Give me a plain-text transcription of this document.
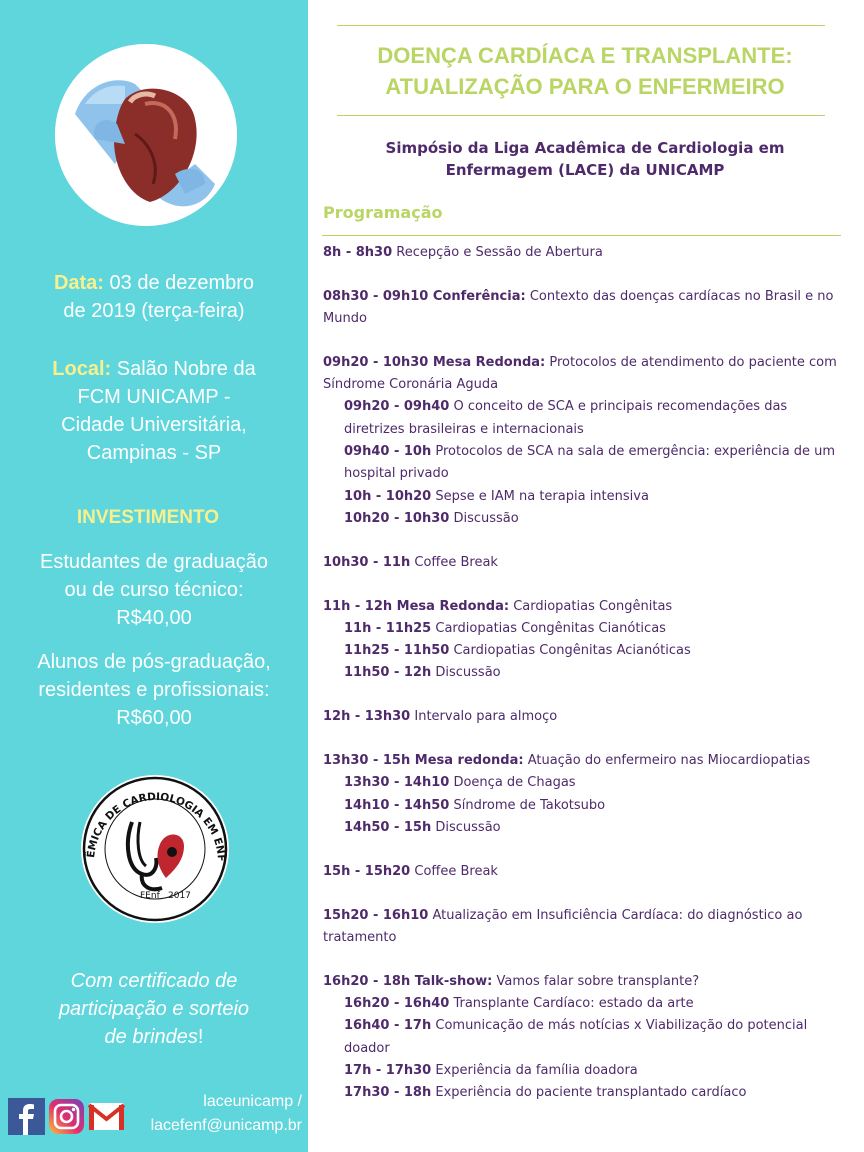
Data: 03 de dezembro
de 2019 (terça-feira)
Local: Salão Nobre da
FCM UNICAMP -
Cidade Universitária,
Campinas - SP
INVESTIMENTO
Estudantes de graduação
ou de curso técnico:
R$40,00
Alunos de pós-graduação,
residentes e profissionais:
R$60,00
ÊMICA DE CARDIOLOGIA EM ENF
FEnf 2017
Com certificado de
participação e sorteio
de brindes!
laceunicamp /
lacefenf@unicamp.br
DOENÇA CARDÍACA E TRANSPLANTE:
ATUALIZAÇÃO PARA O ENFERMEIRO
Simpósio da Liga Acadêmica de Cardiologia em
Enfermagem (LACE) da UNICAMP
Programação
8h - 8h30 Recepção e Sessão de Abertura
08h30 - 09h10 Conferência: Contexto das doenças cardíacas no Brasil e no Mundo
09h20 - 10h30 Mesa Redonda: Protocolos de atendimento do paciente com Síndrome Coronária Aguda
09h20 - 09h40 O conceito de SCA e principais recomendações das diretrizes brasileiras e internacionais
09h40 - 10h Protocolos de SCA na sala de emergência: experiência de um hospital privado
10h - 10h20 Sepse e IAM na terapia intensiva
10h20 - 10h30 Discussão
10h30 - 11h Coffee Break
11h - 12h Mesa Redonda: Cardiopatias Congênitas
11h - 11h25 Cardiopatias Congênitas Cianóticas
11h25 - 11h50 Cardiopatias Congênitas Acianóticas
11h50 - 12h Discussão
12h - 13h30 Intervalo para almoço
13h30 - 15h Mesa redonda: Atuação do enfermeiro nas Miocardiopatias
13h30 - 14h10 Doença de Chagas
14h10 - 14h50 Síndrome de Takotsubo
14h50 - 15h Discussão
15h - 15h20 Coffee Break
15h20 - 16h10 Atualização em Insuficiência Cardíaca: do diagnóstico ao tratamento
16h20 - 18h Talk-show: Vamos falar sobre transplante?
16h20 - 16h40 Transplante Cardíaco: estado da arte
16h40 - 17h Comunicação de más notícias x Viabilização do potencial doador
17h - 17h30 Experiência da família doadora
17h30 - 18h Experiência do paciente transplantado cardíaco
